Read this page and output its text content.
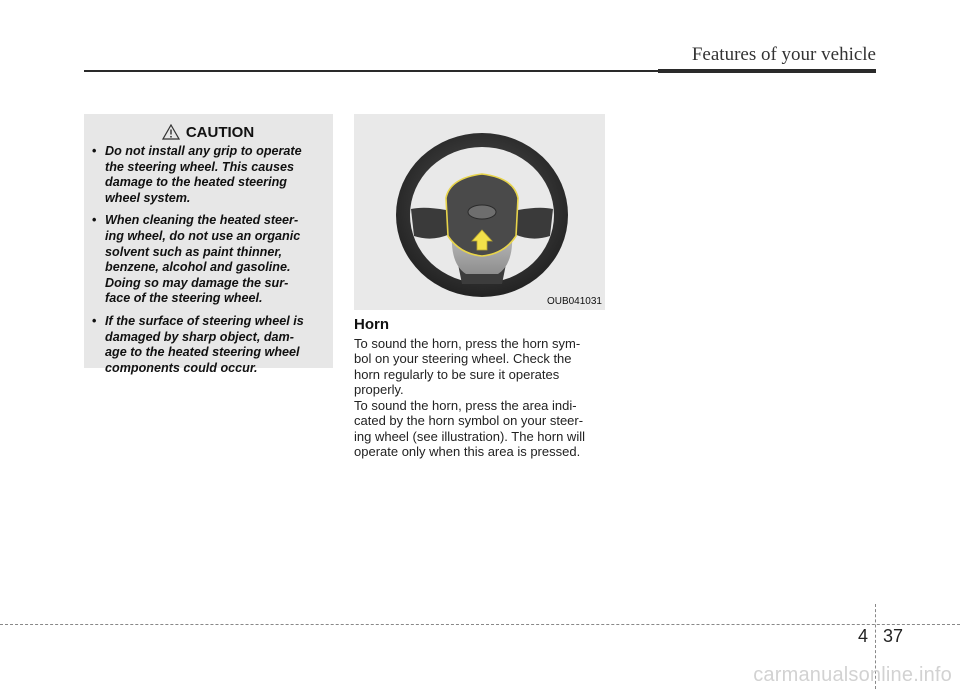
Features of your vehicle
CAUTION
• Do not install any grip to operate
the steering wheel. This causes
damage to the heated steering
wheel system.
• When cleaning the heated steer-
ing wheel, do not use an organic
solvent such as paint thinner,
benzene, alcohol and gasoline.
Doing so may damage the sur-
face of the steering wheel.
• If the surface of steering wheel is
damaged by sharp object, dam-
age to the heated steering wheel
components could occur.
OUB041031
Horn
To sound the horn, press the horn sym-
bol on your steering wheel. Check the
horn regularly to be sure it operates
properly.
To sound the horn, press the area indi-
cated by the horn symbol on your steer-
ing wheel (see illustration). The horn will
operate only when this area is pressed.
4 37
carmanualsonline.info
